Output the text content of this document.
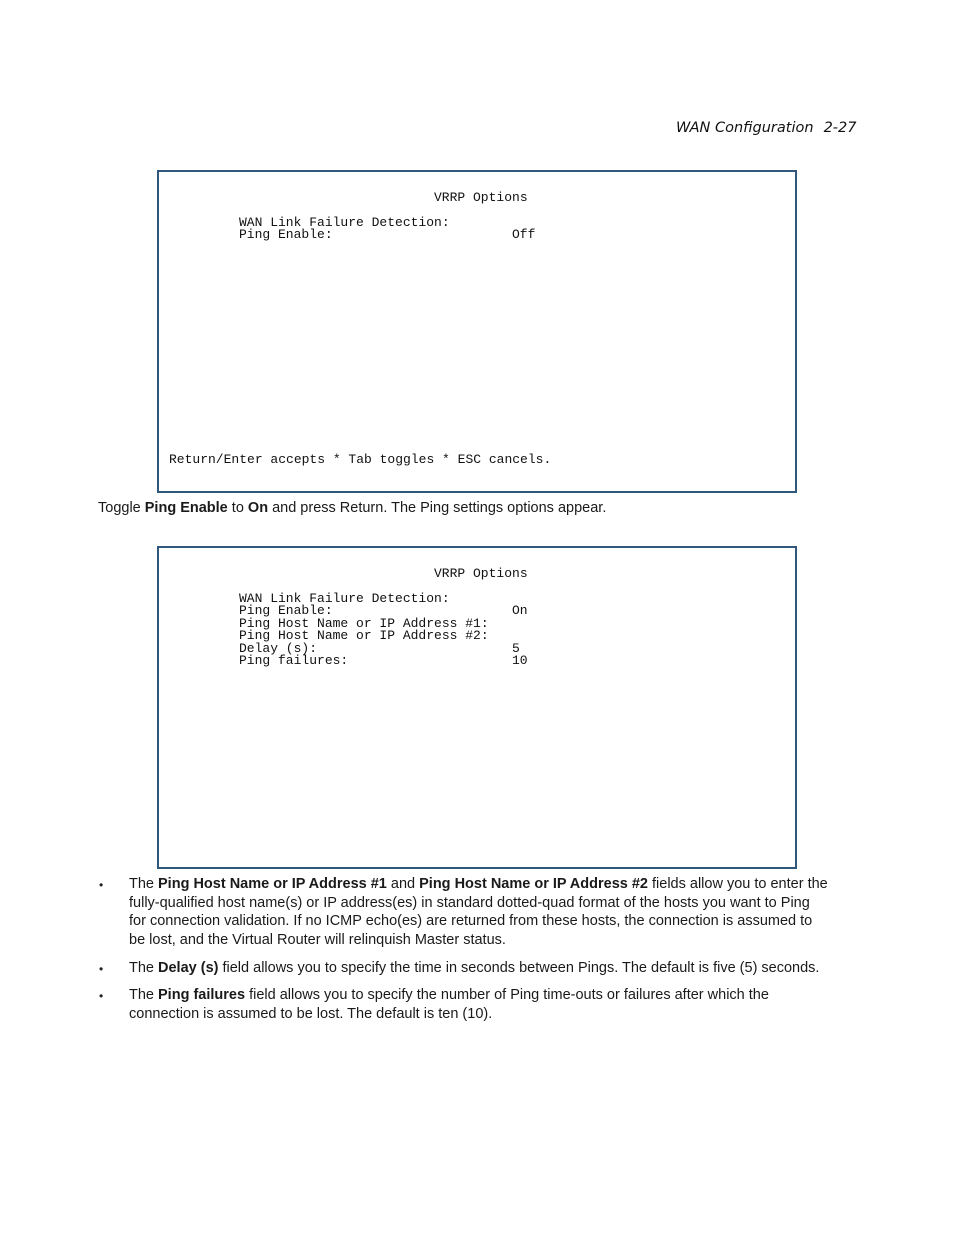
WAN Configuration 2-27
VRRP Options
WAN Link Failure Detection:
Ping Enable:	Off
Return/Enter accepts * Tab toggles * ESC cancels.
Toggle Ping Enable to On and press Return. The Ping settings options appear.
VRRP Options
WAN Link Failure Detection:
Ping Enable:	On
Ping Host Name or IP Address #1:
Ping Host Name or IP Address #2:
Delay (s):	5
Ping failures:	10
• The Ping Host Name or IP Address #1 and Ping Host Name or IP Address #2 fields allow you to enter the
fully-qualified host name(s) or IP address(es) in standard dotted-quad format of the hosts you want to Ping
for connection validation. If no ICMP echo(es) are returned from these hosts, the connection is assumed to
be lost, and the Virtual Router will relinquish Master status.
• The Delay (s) field allows you to specify the time in seconds between Pings. The default is five (5) seconds.
• The Ping failures field allows you to specify the number of Ping time-outs or failures after which the
connection is assumed to be lost. The default is ten (10).
